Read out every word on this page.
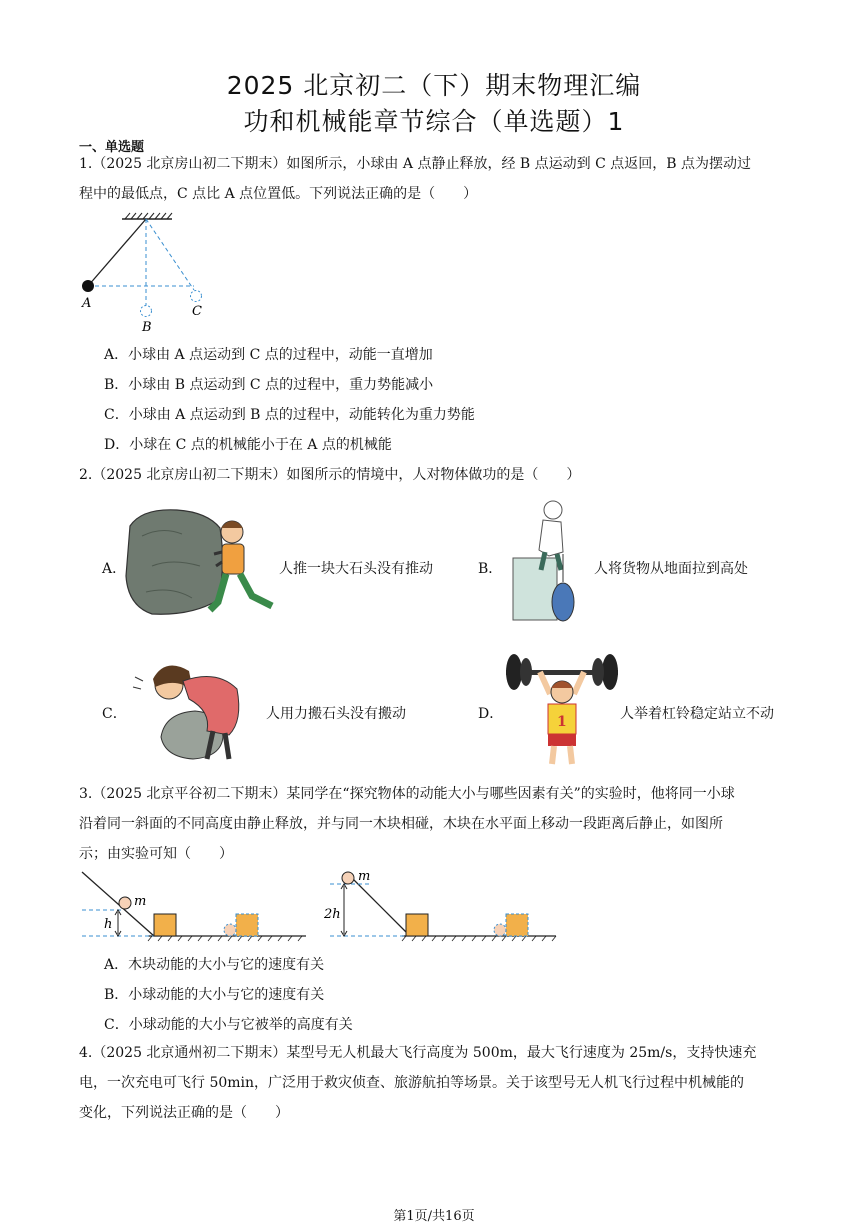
2025 北京初二（下）期末物理汇编
功和机械能章节综合（单选题）1
一、单选题
1.（2025 北京房山初二下期末）如图所示，小球由 A 点静止释放，经 B 点运动到 C 点返回，B 点为摆动过
程中的最低点，C 点比 A 点位置低。下列说法正确的是（　　）
A
B
C
A．小球由 A 点运动到 C 点的过程中，动能一直增加
B．小球由 B 点运动到 C 点的过程中，重力势能减小
C．小球由 A 点运动到 B 点的过程中，动能转化为重力势能
D．小球在 C 点的机械能小于在 A 点的机械能
2.（2025 北京房山初二下期末）如图所示的情境中，人对物体做功的是（　　）
A．	人推一块大石头没有推动	B．	人将货物从地面拉到高处
C．	人用力搬石头没有搬动	D．	1	人举着杠铃稳定站立不动
3.（2025 北京平谷初二下期末）某同学在“探究物体的动能大小与哪些因素有关”的实验时，他将同一小球
沿着同一斜面的不同高度由静止释放，并与同一木块相碰，木块在水平面上移动一段距离后静止，如图所
示；由实验可知（　　）
m
h
m
2h
A．木块动能的大小与它的速度有关
B．小球动能的大小与它的速度有关
C．小球动能的大小与它被举的高度有关
4.（2025 北京通州初二下期末）某型号无人机最大飞行高度为 500m，最大飞行速度为 25m/s，支持快速充
电，一次充电可飞行 50min，广泛用于救灾侦查、旅游航拍等场景。关于该型号无人机飞行过程中机械能的
变化，下列说法正确的是（　　）
第1页/共16页
